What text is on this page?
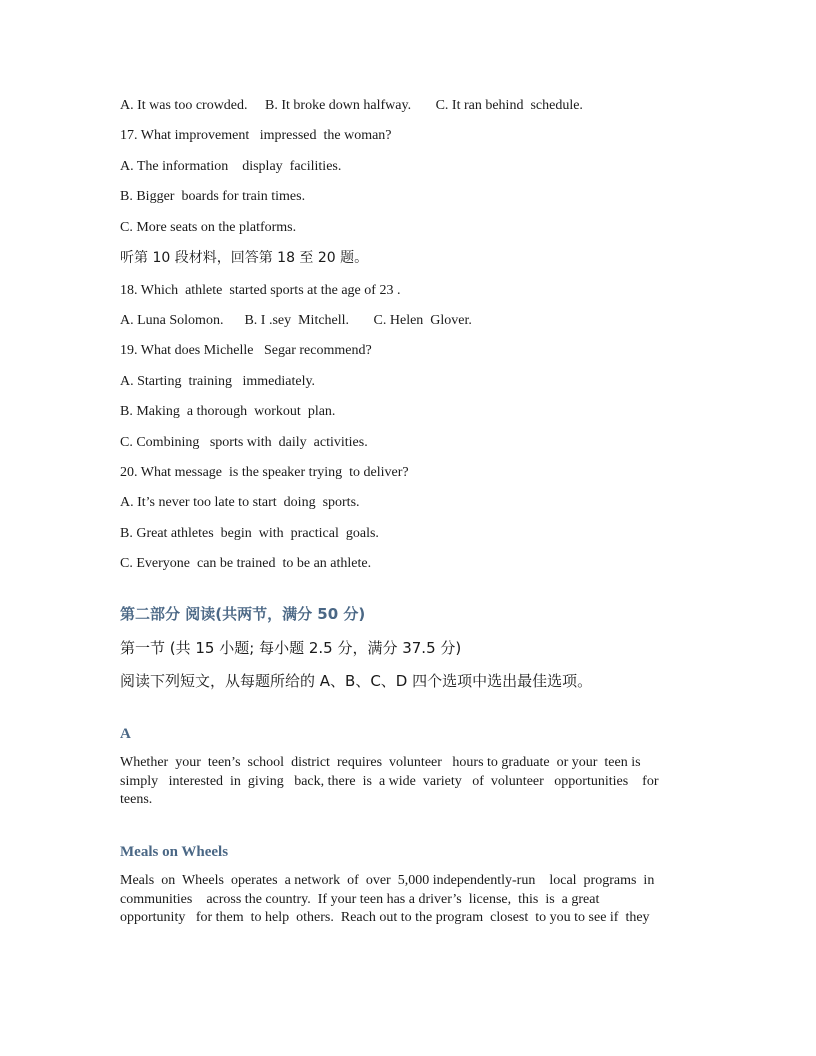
A. It was too crowded.     B. It broke down halfway.       C. It ran behind  schedule.
17. What improvement   impressed  the woman?
A. The information    display  facilities.
B. Bigger  boards for train times.
C. More seats on the platforms.
听第 10 段材料，回答第 18 至 20 题。
18. Which  athlete  started sports at the age of 23 .
A. Luna Solomon.      B. I .sey  Mitchell.       C. Helen  Glover.
19. What does Michelle   Segar recommend?
A. Starting  training   immediately.
B. Making  a thorough  workout  plan.
C. Combining   sports with  daily  activities.
20. What message  is the speaker trying  to deliver?
A. It’s never too late to start  doing  sports.
B. Great athletes  begin  with  practical  goals.
C. Everyone  can be trained  to be an athlete.
第二部分 阅读(共两节，满分 50 分)
第一节 (共 15 小题; 每小题 2.5 分，满分 37.5 分)
阅读下列短文，从每题所给的 A、B、C、D 四个选项中选出最佳选项。
A
Whether  your  teen’s  school  district  requires  volunteer   hours to graduate  or your  teen is
simply   interested  in  giving   back, there  is  a wide  variety   of  volunteer   opportunities    for
teens.
Meals on Wheels
Meals  on  Wheels  operates  a network  of  over  5,000 independently-run    local  programs  in
communities    across the country.  If your teen has a driver’s  license,  this  is  a great
opportunity   for them  to help  others.  Reach out to the program  closest  to you to see if  they
